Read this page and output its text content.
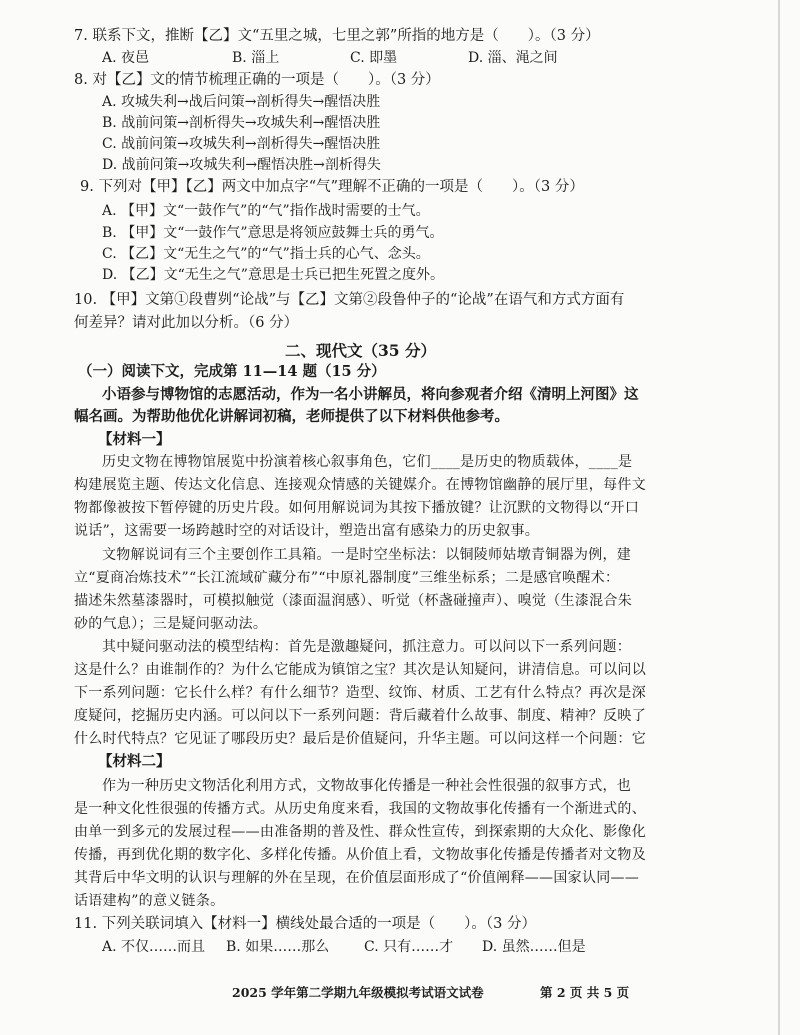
7. 联系下文，推断【乙】文“五里之城，七里之郭”所指的地方是（　　）。（3 分）
A. 夜邑	B. 淄上	C. 即墨	D. 淄、渑之间
8. 对【乙】文的情节梳理正确的一项是（　　）。（3 分）
A. 攻城失利→战后问策→剖析得失→醒悟决胜
B. 战前问策→剖析得失→攻城失利→醒悟决胜
C. 战前问策→攻城失利→剖析得失→醒悟决胜
D. 战前问策→攻城失利→醒悟决胜→剖析得失
9. 下列对【甲】【乙】两文中加点字“气”理解不正确的一项是（　　）。（3 分）
A. 【甲】文“一鼓作气”的“气”指作战时需要的士气。
B. 【甲】文“一鼓作气”意思是将领应鼓舞士兵的勇气。
C. 【乙】文“无生之气”的“气”指士兵的心气、念头。
D. 【乙】文“无生之气”意思是士兵已把生死置之度外。
10. 【甲】文第①段曹刿“论战”与【乙】文第②段鲁仲子的“论战”在语气和方式方面有
何差异？请对此加以分析。（6 分）
二、现代文（35 分）
（一）阅读下文，完成第 11—14 题（15 分）
小语参与博物馆的志愿活动，作为一名小讲解员，将向参观者介绍《清明上河图》这
幅名画。为帮助他优化讲解词初稿，老师提供了以下材料供他参考。
【材料一】
历史文物在博物馆展览中扮演着核心叙事角色，它们____是历史的物质载体，____是
构建展览主题、传达文化信息、连接观众情感的关键媒介。在博物馆幽静的展厅里，每件文
物都像被按下暂停键的历史片段。如何用解说词为其按下播放键？让沉默的文物得以“开口
说话”，这需要一场跨越时空的对话设计，塑造出富有感染力的历史叙事。
文物解说词有三个主要创作工具箱。一是时空坐标法：以铜陵师姑墩青铜器为例，建
立“夏商冶炼技术”“长江流域矿藏分布”“中原礼器制度”三维坐标系；二是感官唤醒术：
描述朱然墓漆器时，可模拟触觉（漆面温润感）、听觉（杯盏碰撞声）、嗅觉（生漆混合朱
砂的气息）；三是疑问驱动法。
其中疑问驱动法的模型结构：首先是激趣疑问，抓注意力。可以问以下一系列问题：
这是什么？由谁制作的？为什么它能成为镇馆之宝？其次是认知疑问，讲清信息。可以问以
下一系列问题：它长什么样？有什么细节？造型、纹饰、材质、工艺有什么特点？再次是深
度疑问，挖掘历史内涵。可以问以下一系列问题：背后藏着什么故事、制度、精神？反映了
什么时代特点？它见证了哪段历史？最后是价值疑问，升华主题。可以问这样一个问题：它
【材料二】
作为一种历史文物活化利用方式，文物故事化传播是一种社会性很强的叙事方式，也
是一种文化性很强的传播方式。从历史角度来看，我国的文物故事化传播有一个渐进式的、
由单一到多元的发展过程——由准备期的普及性、群众性宣传，到探索期的大众化、影像化
传播，再到优化期的数字化、多样化传播。从价值上看，文物故事化传播是传播者对文物及
其背后中华文明的认识与理解的外在呈现，在价值层面形成了“价值阐释——国家认同——
话语建构”的意义链条。
11. 下列关联词填入【材料一】横线处最合适的一项是（　　）。（3 分）
A. 不仅……而且 B. 如果……那么 C. 只有……才 D. 虽然……但是
2025 学年第二学期九年级模拟考试语文试卷	第 2 页 共 5 页
